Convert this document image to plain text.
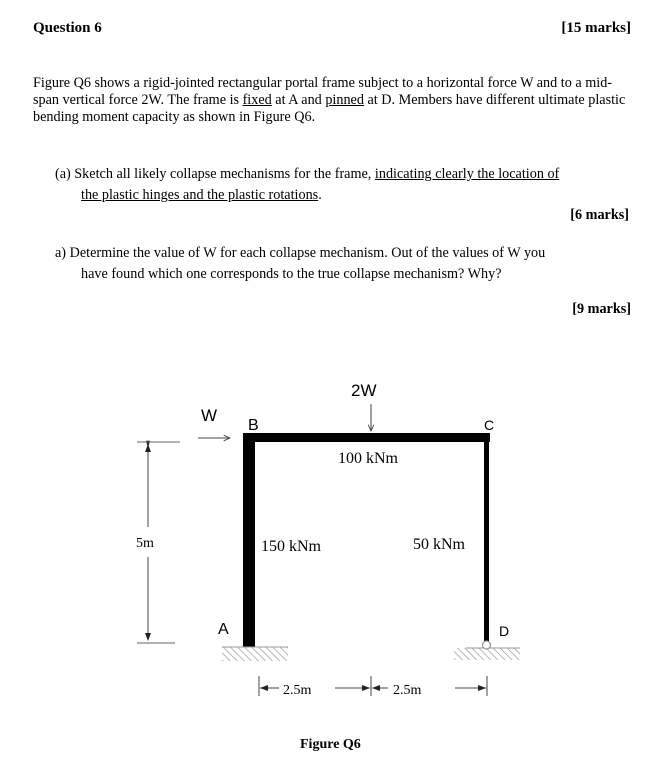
Question 6	[15 marks]
Figure Q6 shows a rigid-jointed rectangular portal frame subject to a horizontal force W and to a mid-span vertical force 2W. The frame is fixed at A and pinned at D. Members have different ultimate plastic bending moment capacity as shown in Figure Q6.
(a) Sketch all likely collapse mechanisms for the frame, indicating clearly the location of
the plastic hinges and the plastic rotations.
[6 marks]
a) Determine the value of W for each collapse mechanism. Out of the values of W you
have found which one corresponds to the true collapse mechanism? Why?
[9 marks]
2W
W
B	C
A	D
100 kNm
150 kNm	50 kNm
5m
2.5m	2.5m
Figure Q6
